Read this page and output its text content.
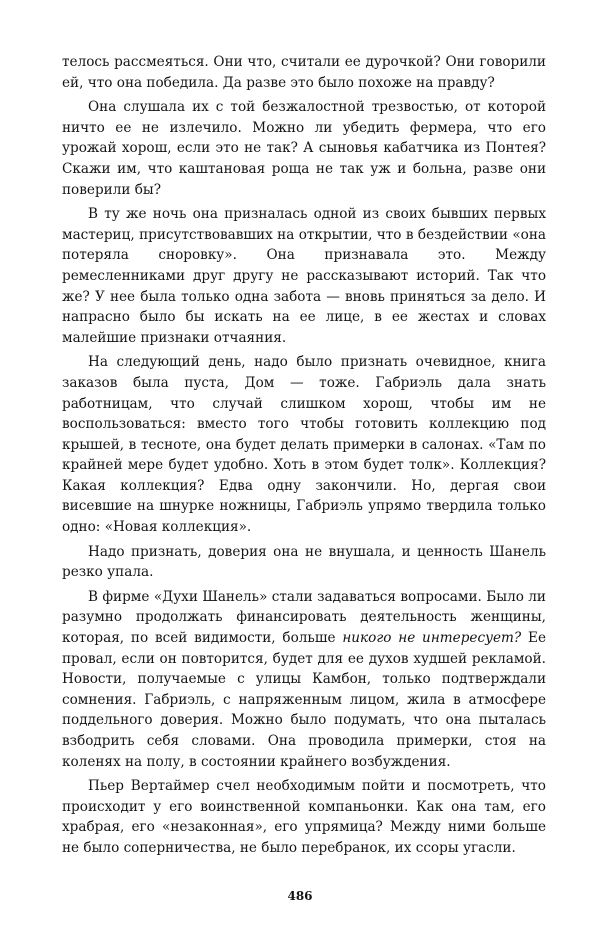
телось рассмеяться. Они что, считали ее дурочкой? Они говорили ей, что она победила. Да разве это было похоже на правду?

Она слушала их с той безжалостной трезвостью, от которой ничто ее не излечило. Можно ли убедить фермера, что его урожай хорош, если это не так? А сыновья кабатчика из Понтея? Скажи им, что каштановая роща не так уж и больна, разве они поверили бы?

В ту же ночь она призналась одной из своих бывших первых мастериц, присутствовавших на открытии, что в бездействии «она потеряла сноровку». Она признавала это. Между ремесленниками друг другу не рассказывают историй. Так что же? У нее была только одна забота — вновь приняться за дело. И напрасно было бы искать на ее лице, в ее жестах и словах малейшие признаки отчаяния.

На следующий день, надо было признать очевидное, книга заказов была пуста, Дом — тоже. Габриэль дала знать работницам, что случай слишком хорош, чтобы им не воспользоваться: вместо того чтобы готовить коллекцию под крышей, в тесноте, она будет делать примерки в салонах. «Там по крайней мере будет удобно. Хоть в этом будет толк». Коллекция? Какая коллекция? Едва одну закончили. Но, дергая свои висевшие на шнурке ножницы, Габриэль упрямо твердила только одно: «Новая коллекция».

Надо признать, доверия она не внушала, и ценность Шанель резко упала.

В фирме «Духи Шанель» стали задаваться вопросами. Было ли разумно продолжать финансировать деятельность женщины, которая, по всей видимости, больше никого не интересует? Ее провал, если он повторится, будет для ее духов худшей рекламой. Новости, получаемые с улицы Камбон, только подтверждали сомнения. Габриэль, с напряженным лицом, жила в атмосфере поддельного доверия. Можно было подумать, что она пыталась взбодрить себя словами. Она проводила примерки, стоя на коленях на полу, в состоянии крайнего возбуждения.

Пьер Вертаймер счел необходимым пойти и посмотреть, что происходит у его воинственной компаньонки. Как она там, его храбрая, его «незаконная», его упрямица? Между ними больше не было соперничества, не было перебранок, их ссоры угасли.

486
